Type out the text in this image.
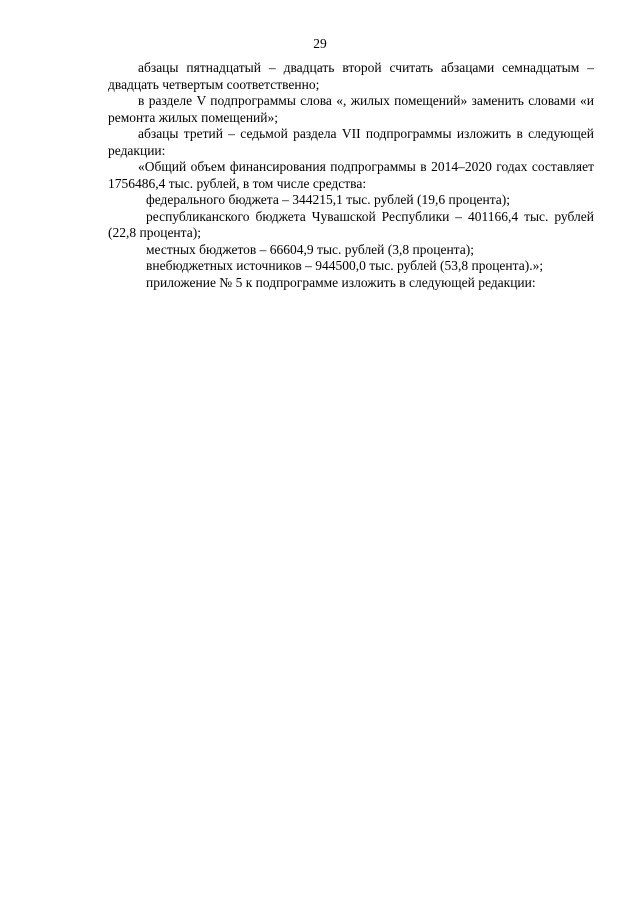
29

абзацы пятнадцатый – двадцать второй считать абзацами семнадцатым – двадцать четвертым соответственно;

в разделе V подпрограммы слова «, жилых помещений» заменить словами «и ремонта жилых помещений»;

абзацы третий – седьмой раздела VII подпрограммы изложить в следующей редакции:

«Общий объем финансирования подпрограммы в 2014–2020 годах составляет 1756486,4 тыс. рублей, в том числе средства:

федерального бюджета – 344215,1 тыс. рублей (19,6 процента);

республиканского бюджета Чувашской Республики – 401166,4 тыс. рублей (22,8 процента);

местных бюджетов – 66604,9 тыс. рублей (3,8 процента);

внебюджетных источников – 944500,0 тыс. рублей (53,8 процента).»;

приложение № 5 к подпрограмме изложить в следующей редакции:
